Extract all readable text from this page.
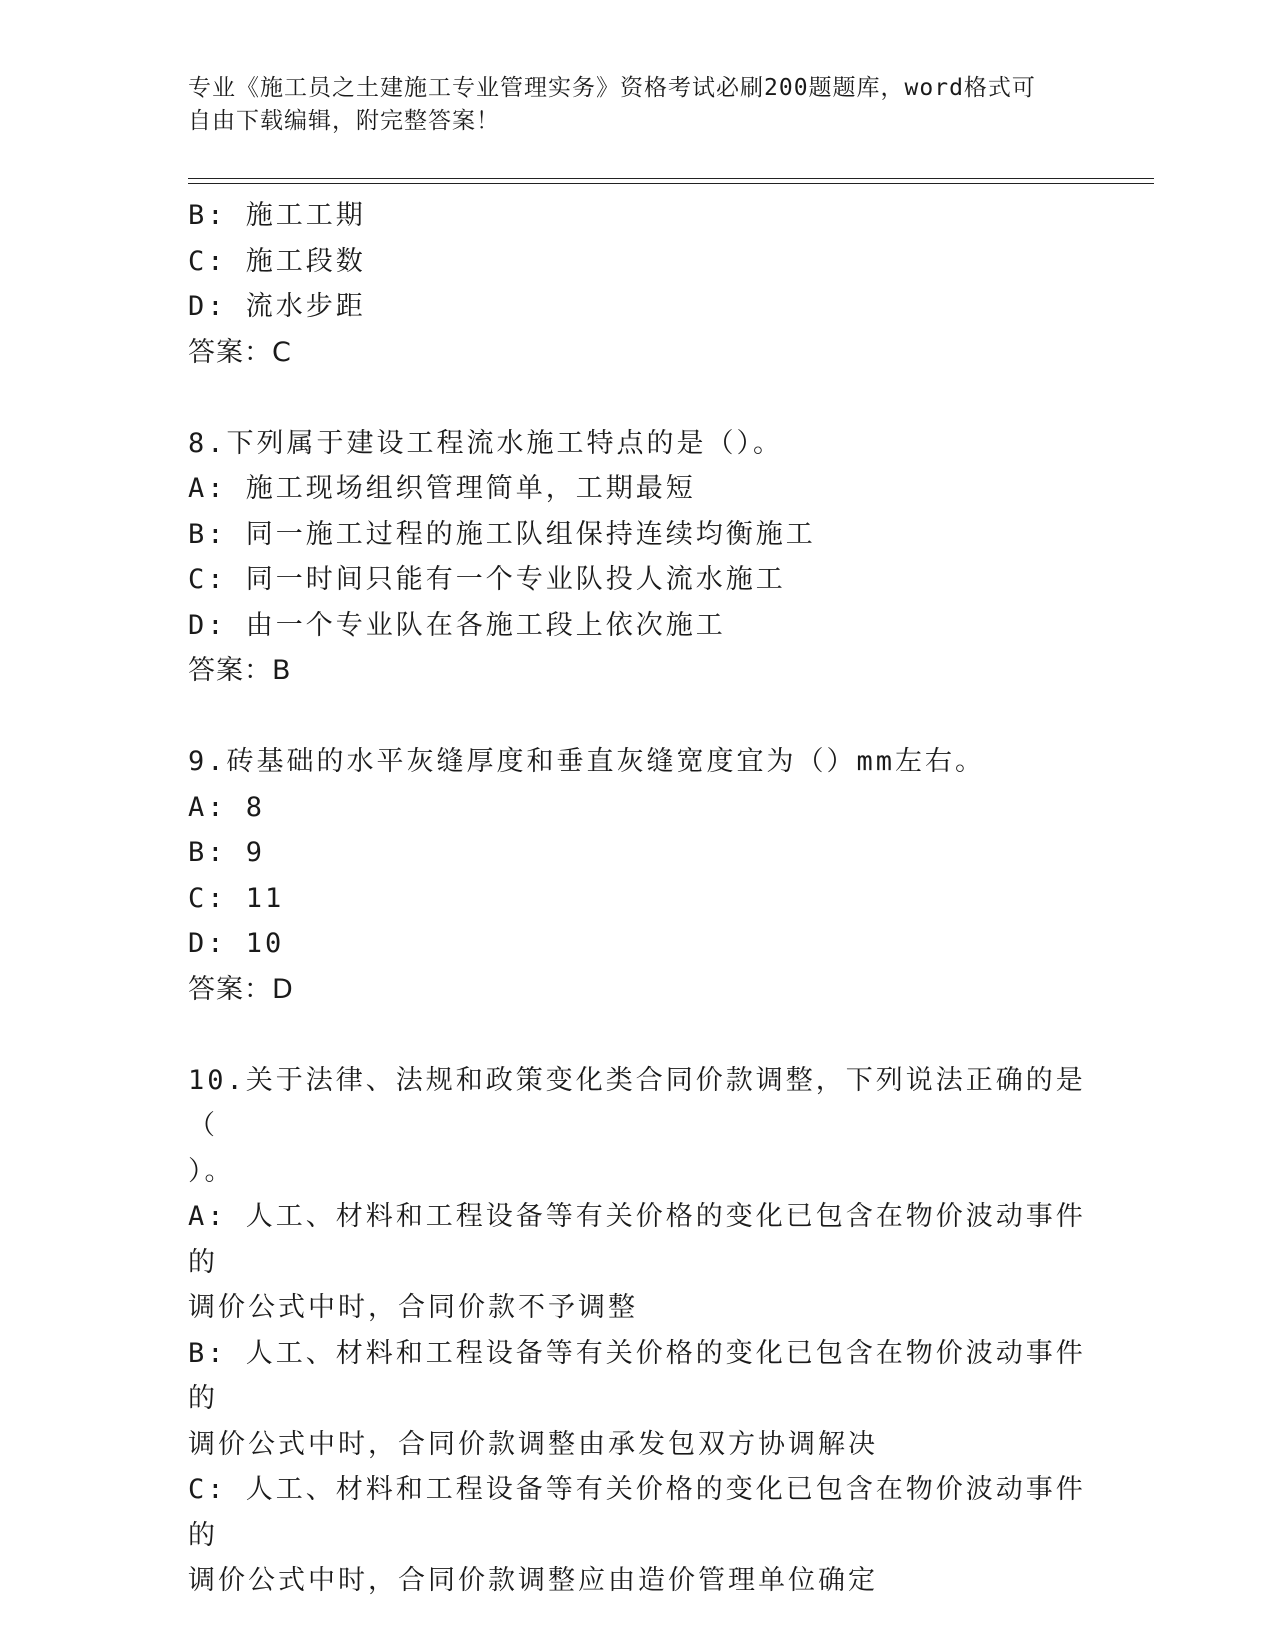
专业《施工员之土建施工专业管理实务》资格考试必刷200题题库，word格式可
自由下载编辑，附完整答案！

B: 施工工期

C: 施工段数

D: 流水步距

答案：C

8.下列属于建设工程流水施工特点的是（）。

A: 施工现场组织管理简单，工期最短

B: 同一施工过程的施工队组保持连续均衡施工

C: 同一时间只能有一个专业队投人流水施工

D: 由一个专业队在各施工段上依次施工

答案：B

9.砖基础的水平灰缝厚度和垂直灰缝宽度宜为（）mm左右。

A: 8

B: 9

C: 11

D: 10

答案：D

10.关于法律、法规和政策变化类合同价款调整，下列说法正确的是（

）。

A: 人工、材料和工程设备等有关价格的变化已包含在物价波动事件的

调价公式中时，合同价款不予调整

B: 人工、材料和工程设备等有关价格的变化已包含在物价波动事件的

调价公式中时，合同价款调整由承发包双方协调解决

C: 人工、材料和工程设备等有关价格的变化已包含在物价波动事件的

调价公式中时，合同价款调整应由造价管理单位确定
